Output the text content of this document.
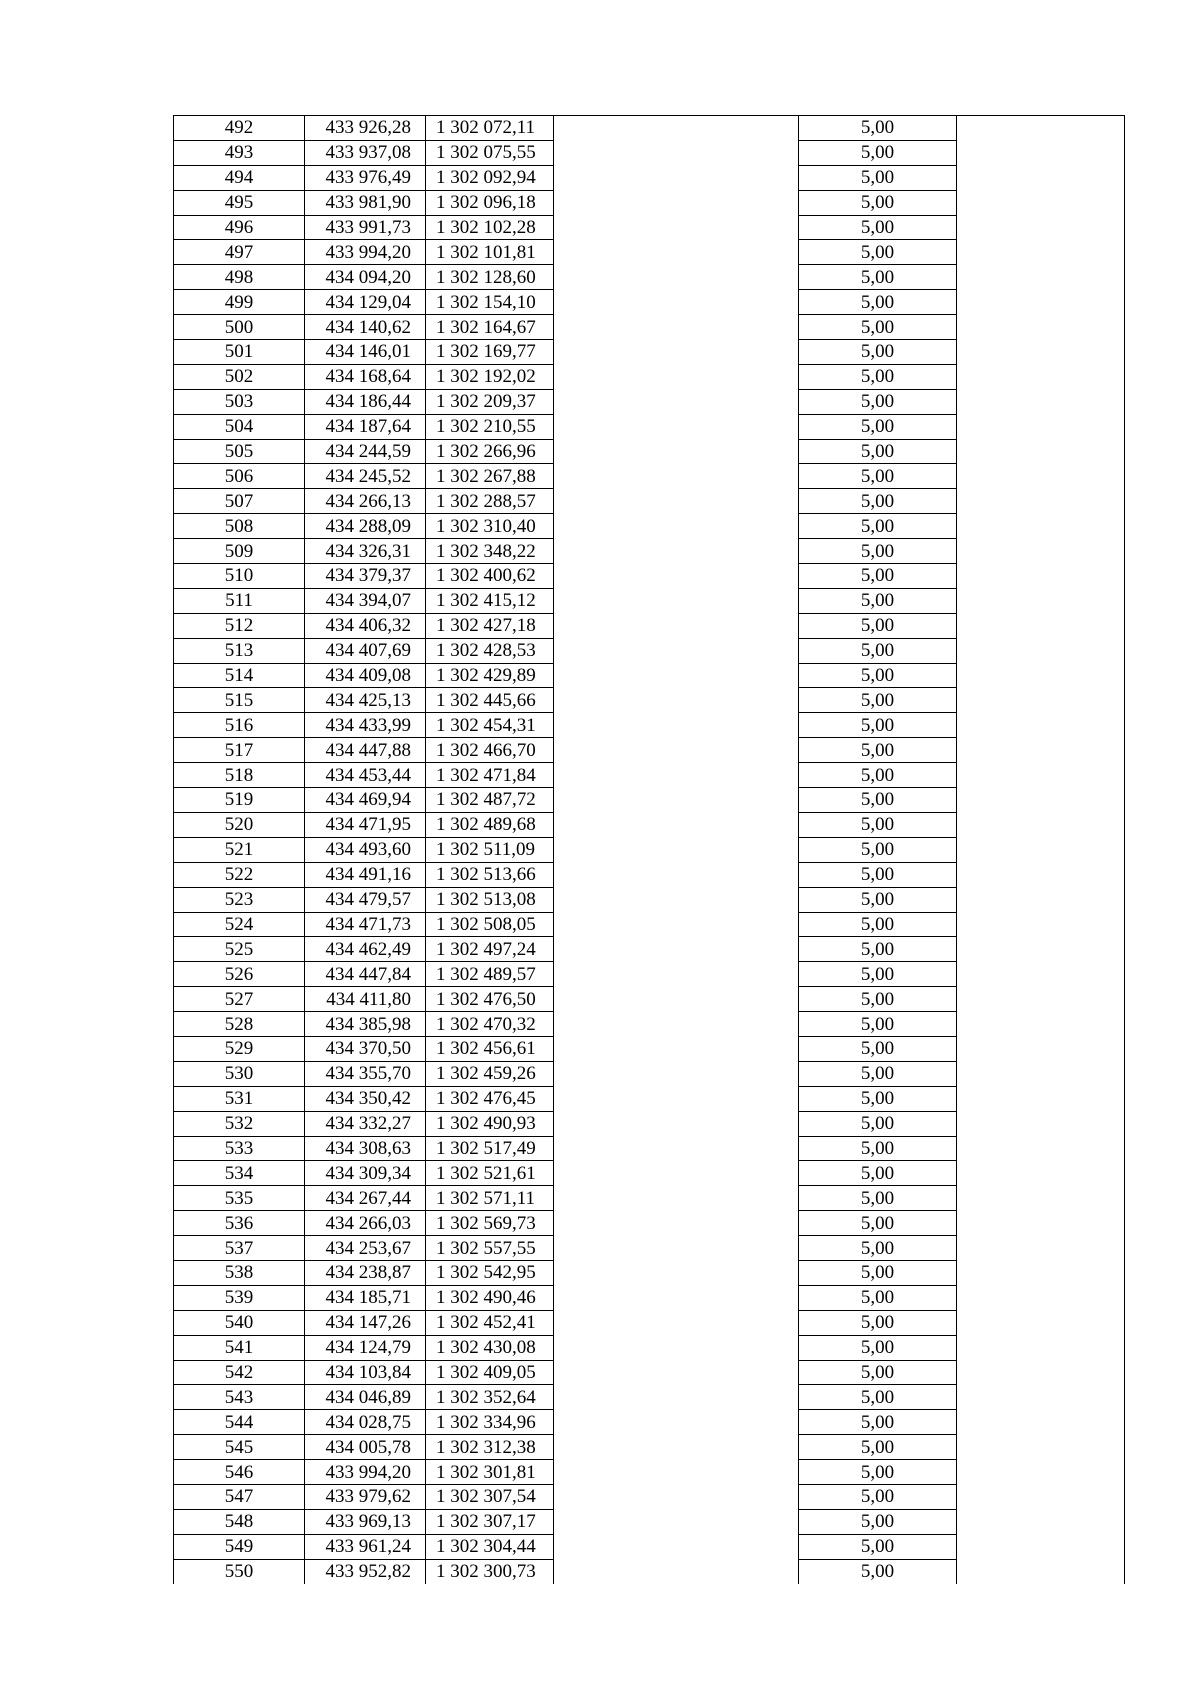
492	433 926,28	1 302 072,11		5,00	
493	433 937,08	1 302 075,55		5,00	
494	433 976,49	1 302 092,94		5,00	
495	433 981,90	1 302 096,18		5,00	
496	433 991,73	1 302 102,28		5,00	
497	433 994,20	1 302 101,81		5,00	
498	434 094,20	1 302 128,60		5,00	
499	434 129,04	1 302 154,10		5,00	
500	434 140,62	1 302 164,67		5,00	
501	434 146,01	1 302 169,77		5,00	
502	434 168,64	1 302 192,02		5,00	
503	434 186,44	1 302 209,37		5,00	
504	434 187,64	1 302 210,55		5,00	
505	434 244,59	1 302 266,96		5,00	
506	434 245,52	1 302 267,88		5,00	
507	434 266,13	1 302 288,57		5,00	
508	434 288,09	1 302 310,40		5,00	
509	434 326,31	1 302 348,22		5,00	
510	434 379,37	1 302 400,62		5,00	
511	434 394,07	1 302 415,12		5,00	
512	434 406,32	1 302 427,18		5,00	
513	434 407,69	1 302 428,53		5,00	
514	434 409,08	1 302 429,89		5,00	
515	434 425,13	1 302 445,66		5,00	
516	434 433,99	1 302 454,31		5,00	
517	434 447,88	1 302 466,70		5,00	
518	434 453,44	1 302 471,84		5,00	
519	434 469,94	1 302 487,72		5,00	
520	434 471,95	1 302 489,68		5,00	
521	434 493,60	1 302 511,09		5,00	
522	434 491,16	1 302 513,66		5,00	
523	434 479,57	1 302 513,08		5,00	
524	434 471,73	1 302 508,05		5,00	
525	434 462,49	1 302 497,24		5,00	
526	434 447,84	1 302 489,57		5,00	
527	434 411,80	1 302 476,50		5,00	
528	434 385,98	1 302 470,32		5,00	
529	434 370,50	1 302 456,61		5,00	
530	434 355,70	1 302 459,26		5,00	
531	434 350,42	1 302 476,45		5,00	
532	434 332,27	1 302 490,93		5,00	
533	434 308,63	1 302 517,49		5,00	
534	434 309,34	1 302 521,61		5,00	
535	434 267,44	1 302 571,11		5,00	
536	434 266,03	1 302 569,73		5,00	
537	434 253,67	1 302 557,55		5,00	
538	434 238,87	1 302 542,95		5,00	
539	434 185,71	1 302 490,46		5,00	
540	434 147,26	1 302 452,41		5,00	
541	434 124,79	1 302 430,08		5,00	
542	434 103,84	1 302 409,05		5,00	
543	434 046,89	1 302 352,64		5,00	
544	434 028,75	1 302 334,96		5,00	
545	434 005,78	1 302 312,38		5,00	
546	433 994,20	1 302 301,81		5,00	
547	433 979,62	1 302 307,54		5,00	
548	433 969,13	1 302 307,17		5,00	
549	433 961,24	1 302 304,44		5,00	
550	433 952,82	1 302 300,73		5,00	
